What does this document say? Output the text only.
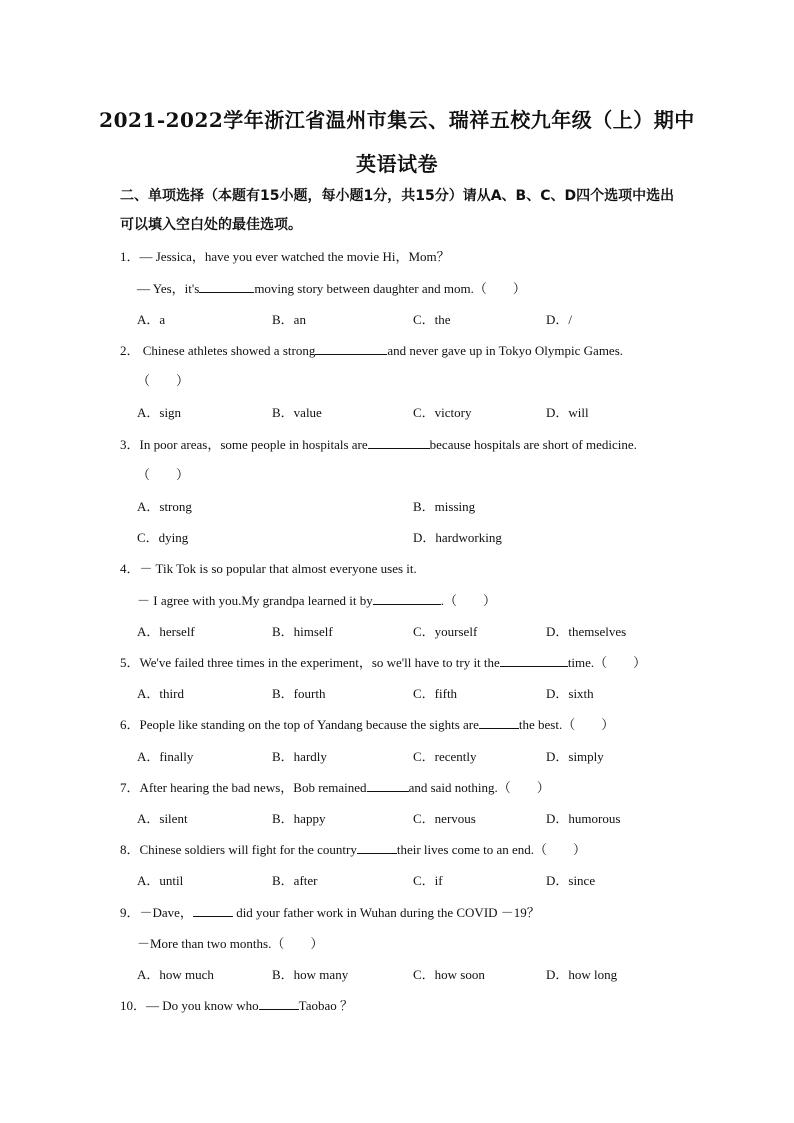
2021-2022学年浙江省温州市集云、瑞祥五校九年级（上）期中
英语试卷
二、单项选择（本题有15小题，每小题1分，共15分）请从A、B、C、D四个选项中选出可以填入空白处的最佳选项。
1．— Jessica，have you ever watched the movie Hi，Mom？
— Yes，it's	moving story between daughter and mom.（　　）
A．a	B．an	C．the	D．/
2． Chinese athletes showed a strong	and never gave up in Tokyo Olympic Games.
（　　）
A．sign	B．value	C．victory	D．will
3．In poor areas，some people in hospitals are	because hospitals are short of medicine.
（　　）
A．strong	B．missing
C．dying	D．hardworking
4．－ Tik Tok is so popular that almost everyone uses it.
－ I agree with you.My grandpa learned it by	.（　　）
A．herself	B．himself	C．yourself	D．themselves
5．We've failed three times in the experiment，so we'll have to try it the	time.（　　）
A．third	B．fourth	C．fifth	D．sixth
6．People like standing on the top of Yandang because the sights are	the best.（　　）
A．finally	B．hardly	C．recently	D．simply
7．After hearing the bad news，Bob remained	and said nothing.（　　）
A．silent	B．happy	C．nervous	D．humorous
8．Chinese soldiers will fight for the country	their lives come to an end.（　　）
A．until	B．after	C．if	D．since
9．－Dave，	did your father work in Wuhan during the COVID －19？
－More than two months.（　　）
A．how much	B．how many	C．how soon	D．how long
10．— Do you know who	Taobao ？
